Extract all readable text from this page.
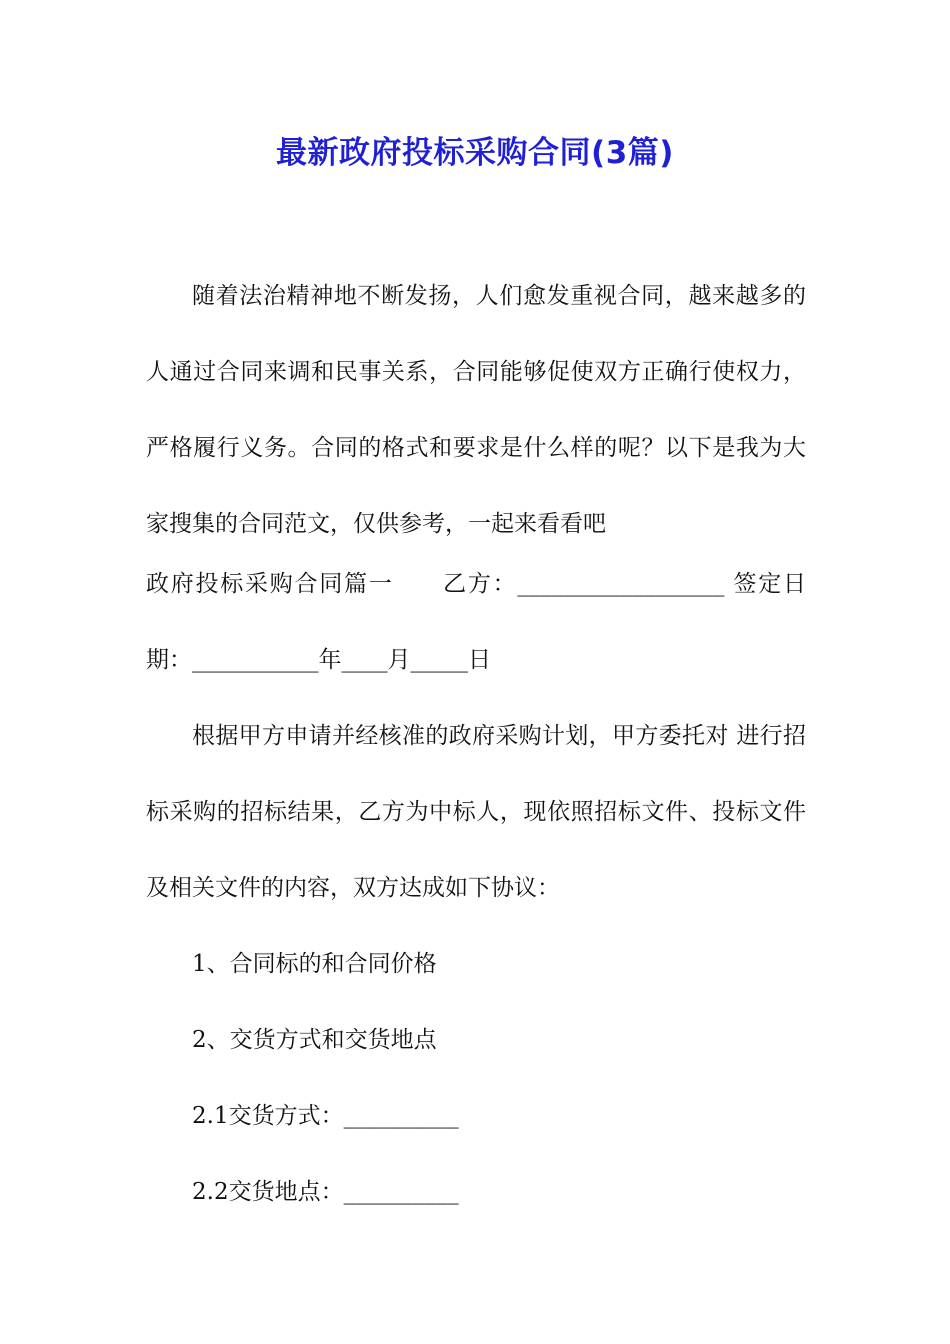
最新政府投标采购合同(3篇)

随着法治精神地不断发扬，人们愈发重视合同，越来越多的人通过合同来调和民事关系，合同能够促使双方正确行使权力，严格履行义务。合同的格式和要求是什么样的呢？以下是我为大家搜集的合同范文，仅供参考，一起来看看吧

政府投标采购合同篇一　　乙方：__________________ 签定日期：___________年____月_____日

根据甲方申请并经核准的政府采购计划，甲方委托对 进行招标采购的招标结果，乙方为中标人，现依照招标文件、投标文件及相关文件的内容，双方达成如下协议：

1、合同标的和合同价格

2、交货方式和交货地点

2.1交货方式：__________

2.2交货地点：__________
